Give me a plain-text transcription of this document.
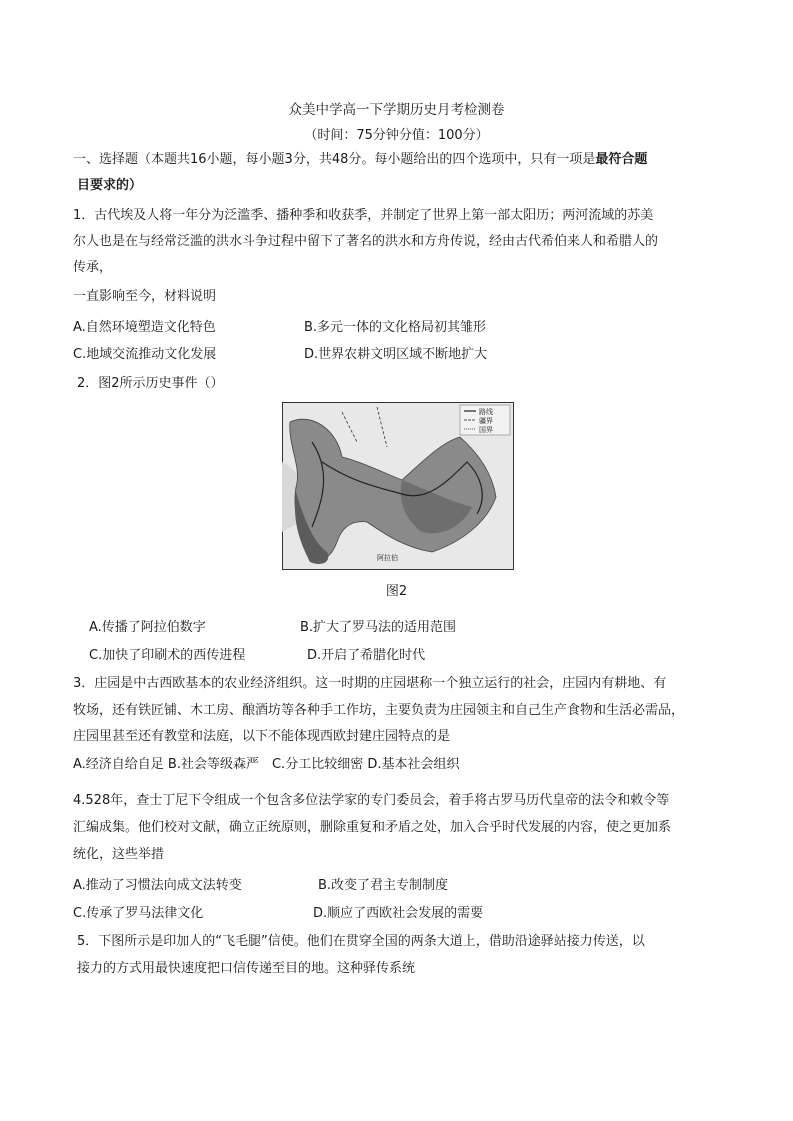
众美中学高一下学期历史月考检测卷
（时间：75分钟分值：100分）
一、选择题（本题共16小题，每小题3分，共48分。每小题给出的四个选项中，只有一项是最符合题
目要求的）
1．古代埃及人将一年分为泛滥季、播种季和收获季，并制定了世界上第一部太阳历；两河流域的苏美
尔人也是在与经常泛滥的洪水斗争过程中留下了著名的洪水和方舟传说，经由古代希伯来人和希腊人的
传承，
一直影响至今，材料说明
A.自然环境塑造文化特色	B.多元一体的文化格局初其雏形
C.地域交流推动文化发展	D.世界农耕文明区域不断地扩大
2．图2所示历史事件（）
路线
疆界
国界
阿拉伯
图2
A.传播了阿拉伯数字	B.扩大了罗马法的适用范围
C.加快了印刷术的西传进程	D.开启了希腊化时代
3．庄园是中古西欧基本的农业经济组织。这一时期的庄园堪称一个独立运行的社会，庄园内有耕地、有
牧场，还有铁匠铺、木工房、酿酒坊等各种手工作坊，主要负责为庄园领主和自己生产食物和生活必需品，
庄园里甚至还有教堂和法庭，以下不能体现西欧封建庄园特点的是
A.经济自给自足 B.社会等级森严　C.分工比较细密 D.基本社会组织
4.528年，查士丁尼下令组成一个包含多位法学家的专门委员会，着手将古罗马历代皇帝的法令和敕令等
汇编成集。他们校对文献，确立正统原则，删除重复和矛盾之处，加入合乎时代发展的内容，使之更加系
统化，这些举措
A.推动了习惯法向成文法转变	B.改变了君主专制制度
C.传承了罗马法律文化	D.顺应了西欧社会发展的需要
5．下图所示是印加人的“飞毛腿”信使。他们在贯穿全国的两条大道上，借助沿途驿站接力传送，以
接力的方式用最快速度把口信传递至目的地。这种驿传系统
